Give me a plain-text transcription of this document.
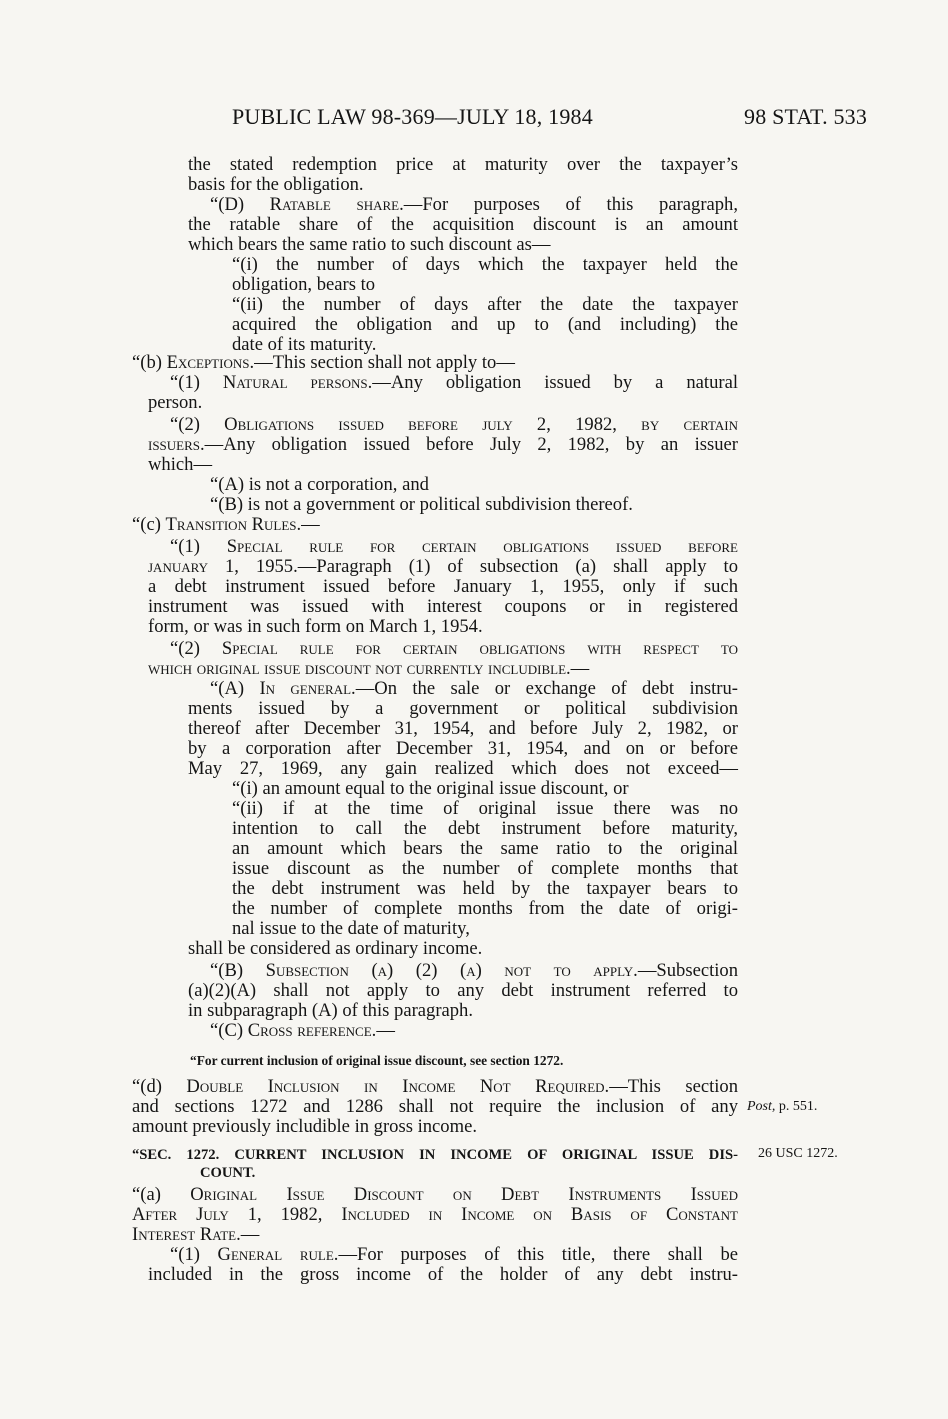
PUBLIC LAW 98-369—JULY 18, 1984	98 STAT. 533
the stated redemption price at maturity over the taxpayer’s
basis for the obligation.
“(D) Ratable share.—For purposes of this paragraph,
the ratable share of the acquisition discount is an amount
which bears the same ratio to such discount as—
“(i) the number of days which the taxpayer held the
obligation, bears to
“(ii) the number of days after the date the taxpayer
acquired the obligation and up to (and including) the
date of its maturity.
“(b) Exceptions.—This section shall not apply to—
“(1) Natural persons.—Any obligation issued by a natural
person.
“(2) Obligations issued before july 2, 1982, by certain
issuers.—Any obligation issued before July 2, 1982, by an issuer
which—
“(A) is not a corporation, and
“(B) is not a government or political subdivision thereof.
“(c) Transition Rules.—
“(1) Special rule for certain obligations issued before
january 1, 1955.—Paragraph (1) of subsection (a) shall apply to
a debt instrument issued before January 1, 1955, only if such
instrument was issued with interest coupons or in registered
form, or was in such form on March 1, 1954.
“(2) Special rule for certain obligations with respect to
which original issue discount not currently includible.—
“(A) In general.—On the sale or exchange of debt instru-
ments issued by a government or political subdivision
thereof after December 31, 1954, and before July 2, 1982, or
by a corporation after December 31, 1954, and on or before
May 27, 1969, any gain realized which does not exceed—
“(i) an amount equal to the original issue discount, or
“(ii) if at the time of original issue there was no
intention to call the debt instrument before maturity,
an amount which bears the same ratio to the original
issue discount as the number of complete months that
the debt instrument was held by the taxpayer bears to
the number of complete months from the date of origi-
nal issue to the date of maturity,
shall be considered as ordinary income.
“(B) Subsection (a) (2) (a) not to apply.—Subsection
(a)(2)(A) shall not apply to any debt instrument referred to
in subparagraph (A) of this paragraph.
“(C) Cross reference.—
“For current inclusion of original issue discount, see section 1272.
“(d) Double Inclusion in Income Not Required.—This section
and sections 1272 and 1286 shall not require the inclusion of any
amount previously includible in gross income.
“SEC. 1272. CURRENT INCLUSION IN INCOME OF ORIGINAL ISSUE DIS-
COUNT.
“(a) Original Issue Discount on Debt Instruments Issued
After July 1, 1982, Included in Income on Basis of Constant
Interest Rate.—
“(1) General rule.—For purposes of this title, there shall be
included in the gross income of the holder of any debt instru-
Post, p. 551.
26 USC 1272.
